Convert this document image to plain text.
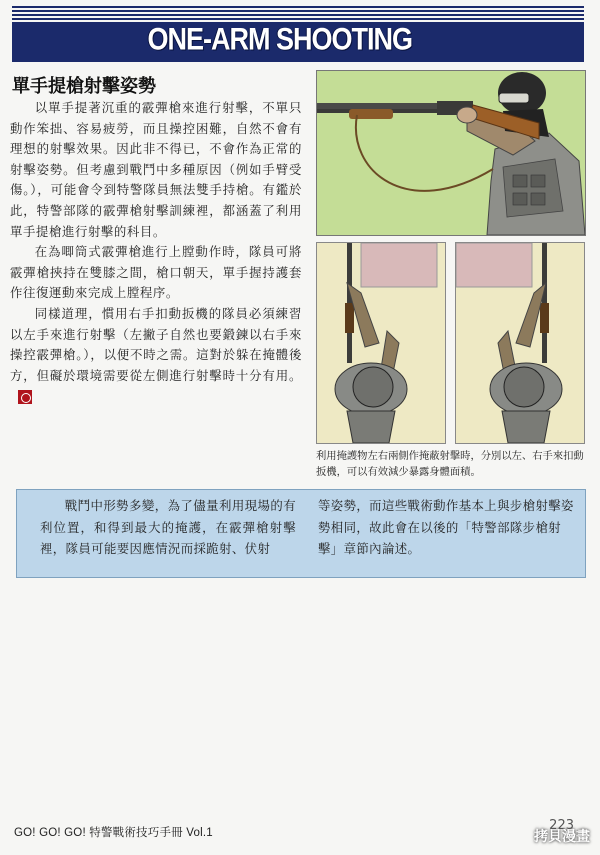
ONE-ARM SHOOTING
單手提槍射擊姿勢

以單手提著沉重的霰彈槍來進行射擊，不單只動作笨拙、容易疲勞，而且操控困難，自然不會有理想的射擊效果。因此非不得已，不會作為正常的射擊姿勢。但考慮到戰鬥中多種原因（例如手臂受傷。），可能會令到特警隊員無法雙手持槍。有鑑於此，特警部隊的霰彈槍射擊訓練裡，都涵蓋了利用單手提槍進行射擊的科目。

在為唧筒式霰彈槍進行上膛動作時，隊員可將霰彈槍挾持在雙膝之間，槍口朝天，單手握持護套作往復運動來完成上膛程序。

同樣道理，慣用右手扣動扳機的隊員必須練習以左手來進行射擊（左撇子自然也要鍛鍊以右手來操控霰彈槍。），以便不時之需。這對於躲在掩體後方，但礙於環境需要從左側進行射擊時十分有用。

利用掩護物左右兩側作掩蔽射擊時，分別以左、右手來扣動扳機，可以有效減少暴露身體面積。

戰鬥中形勢多變，為了儘量利用現場的有利位置，和得到最大的掩護，在霰彈槍射擊裡，隊員可能要因應情況而採跪射、伏射

等姿勢，而這些戰術動作基本上與步槍射擊姿勢相同，故此會在以後的「特警部隊步槍射擊」章節內論述。

GO! GO! GO! 特警戰術技巧手冊 Vol.1	223
拷貝漫畫
